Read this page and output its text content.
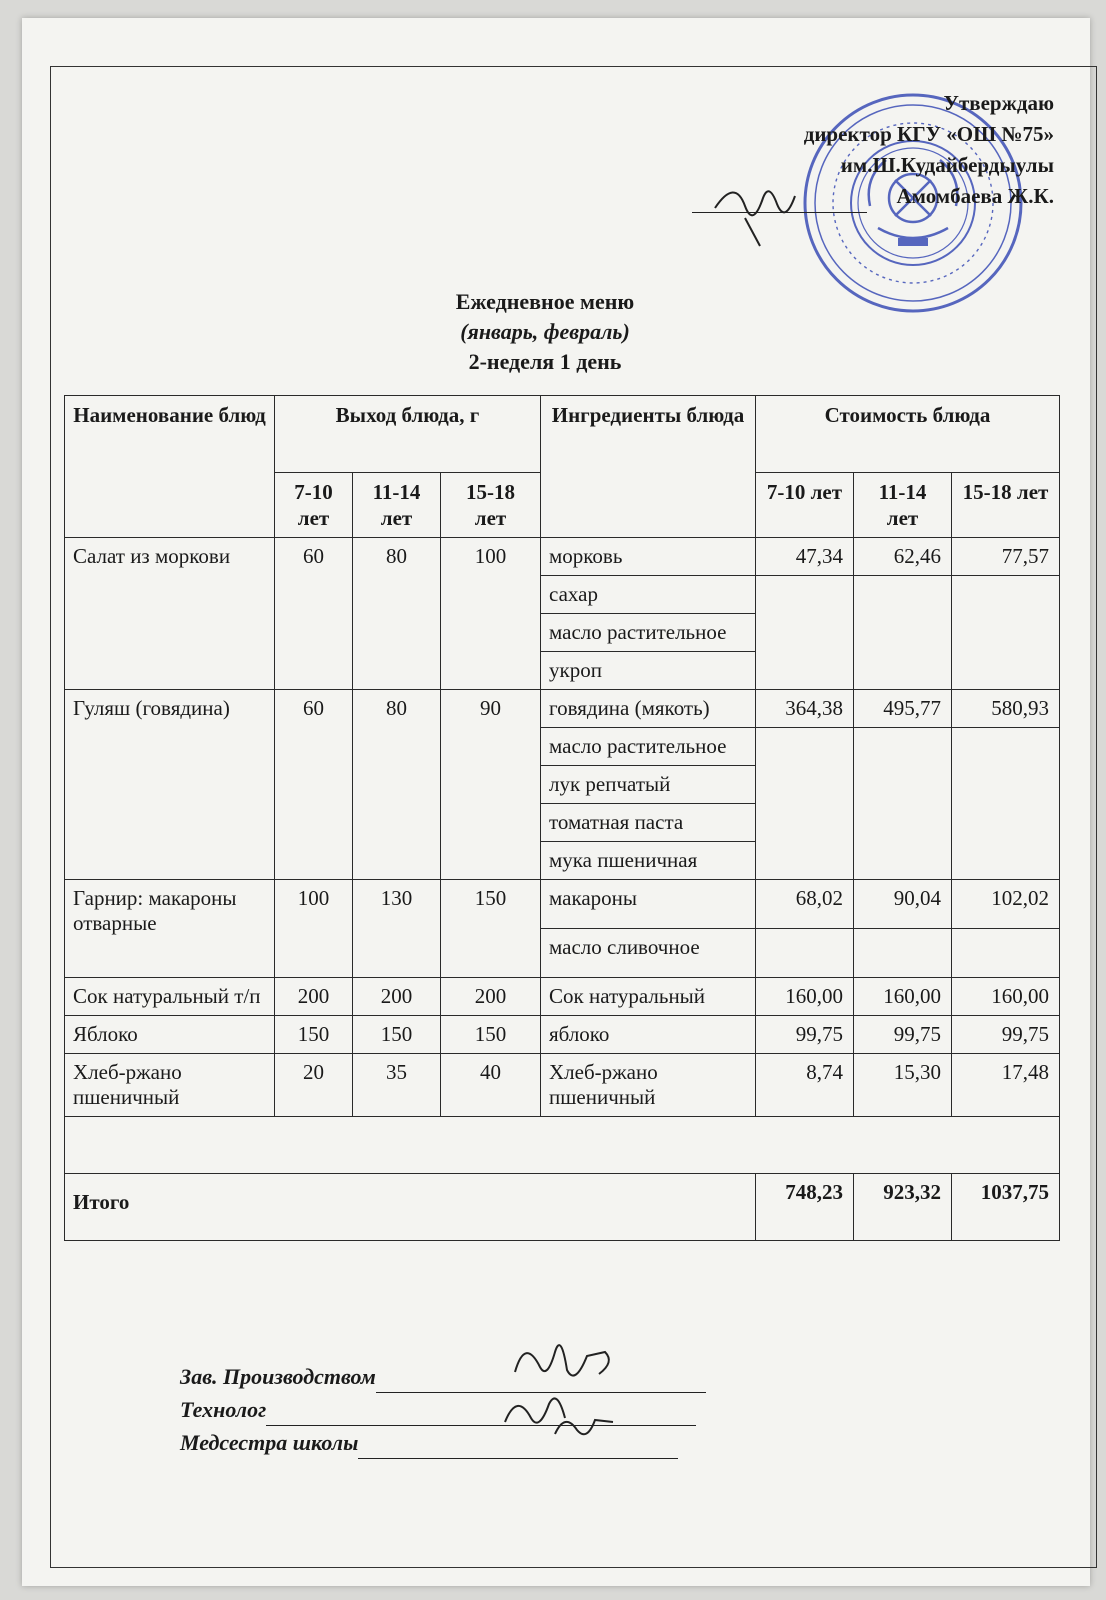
Утверждаю
директор КГУ «ОШ №75»
им.Ш.Кудайбердыулы
Амомбаева Ж.К.
Ежедневное меню
(январь, февраль)
2-неделя 1 день
Наименование блюд	Выход блюда, г			Ингредиенты блюда	Стоимость блюда		
	7-10 лет	11-14 лет	15-18 лет		7-10 лет	11-14 лет	15-18 лет
Салат из моркови	60	80	100	морковь	47,34	62,46	77,57
				сахар			
				масло растительное			
				укроп			
Гуляш (говядина)	60	80	90	говядина (мякоть)	364,38	495,77	580,93
				масло растительное			
				лук репчатый			
				томатная паста			
				мука пшеничная			
Гарнир: макароны отварные	100	130	150	макароны	68,02	90,04	102,02
				масло сливочное			
Сок натуральный т/п	200	200	200	Сок натуральный	160,00	160,00	160,00
Яблоко	150	150	150	яблоко	99,75	99,75	99,75
Хлеб-ржано пшеничный	20	35	40	Хлеб-ржано пшеничный	8,74	15,30	17,48

Итого					748,23	923,32	1037,75
Зав. Производством
Технолог
Медсестра школы
